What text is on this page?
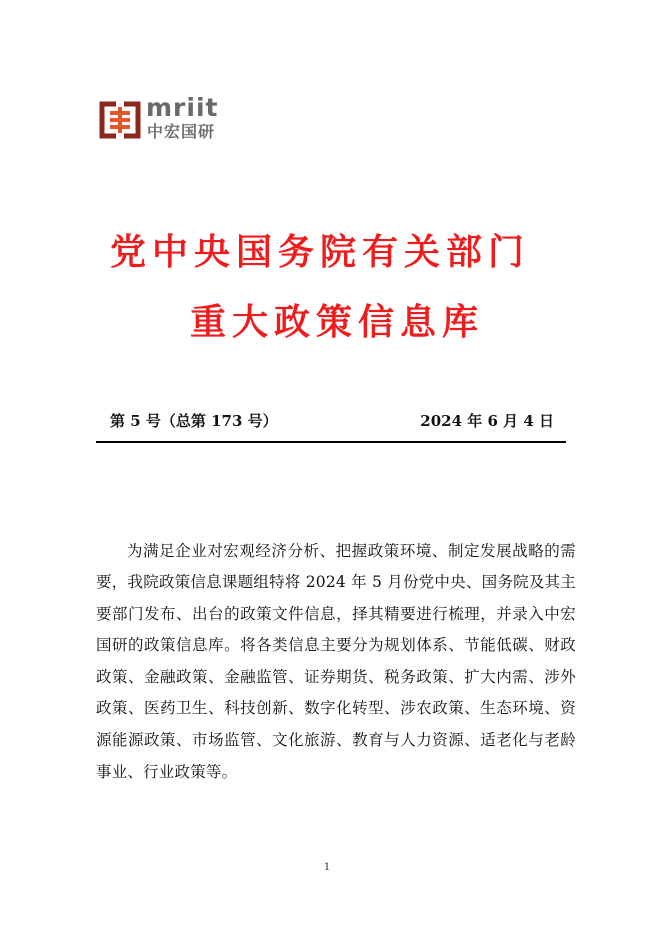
mriit
中宏国研
党中央国务院有关部门
重大政策信息库
第 5 号（总第 173 号）	2024 年 6 月 4 日

为满足企业对宏观经济分析、把握政策环境、制定发展战略的需要，我院政策信息课题组特将 2024 年 5 月份党中央、国务院及其主要部门发布、出台的政策文件信息，择其精要进行梳理，并录入中宏国研的政策信息库。将各类信息主要分为规划体系、节能低碳、财政政策、金融政策、金融监管、证券期货、税务政策、扩大内需、涉外政策、医药卫生、科技创新、数字化转型、涉农政策、生态环境、资源能源政策、市场监管、文化旅游、教育与人力资源、适老化与老龄事业、行业政策等。

1
